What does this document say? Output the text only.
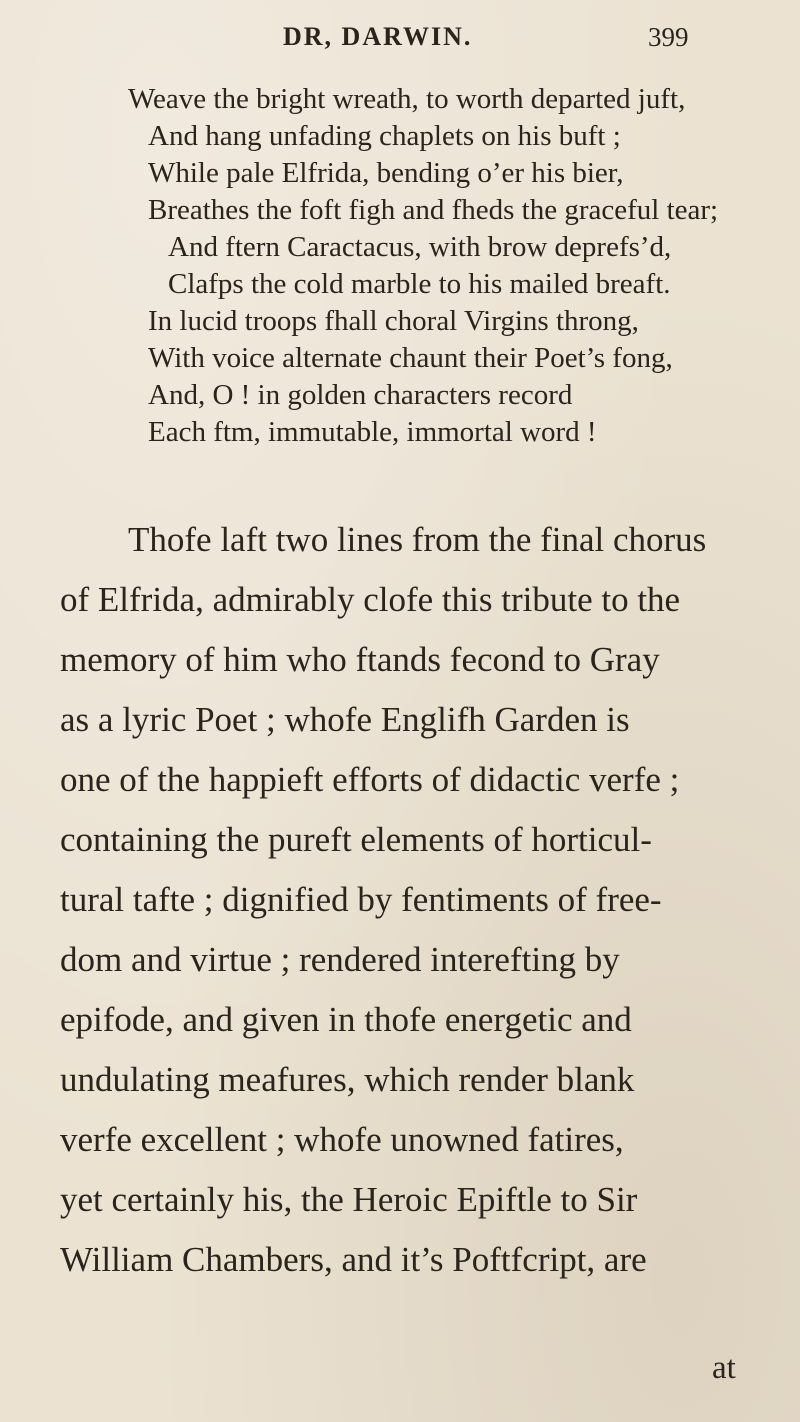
DR, DARWIN.	399
Weave the bright wreath, to worth departed juft,
And hang unfading chaplets on his buft ;
While pale Elfrida, bending o’er his bier,
Breathes the foft figh and fheds the graceful tear;
And ftern Caractacus, with brow deprefs’d,
Clafps the cold marble to his mailed breaft.
In lucid troops fhall choral Virgins throng,
With voice alternate chaunt their Poet’s fong,
And, O ! in golden characters record
Each ftm, immutable, immortal word !
Thofe laft two lines from the final chorus
of Elfrida, admirably clofe this tribute to the
memory of him who ftands fecond to Gray
as a lyric Poet ; whofe Englifh Garden is
one of the happieft efforts of didactic verfe ;
containing the pureft elements of horticul-
tural tafte ; dignified by fentiments of free-
dom and virtue ; rendered interefting by
epifode, and given in thofe energetic and
undulating meafures, which render blank
verfe excellent ; whofe unowned fatires,
yet certainly his, the Heroic Epiftle to Sir
William Chambers, and it’s Poftfcript, are
at
